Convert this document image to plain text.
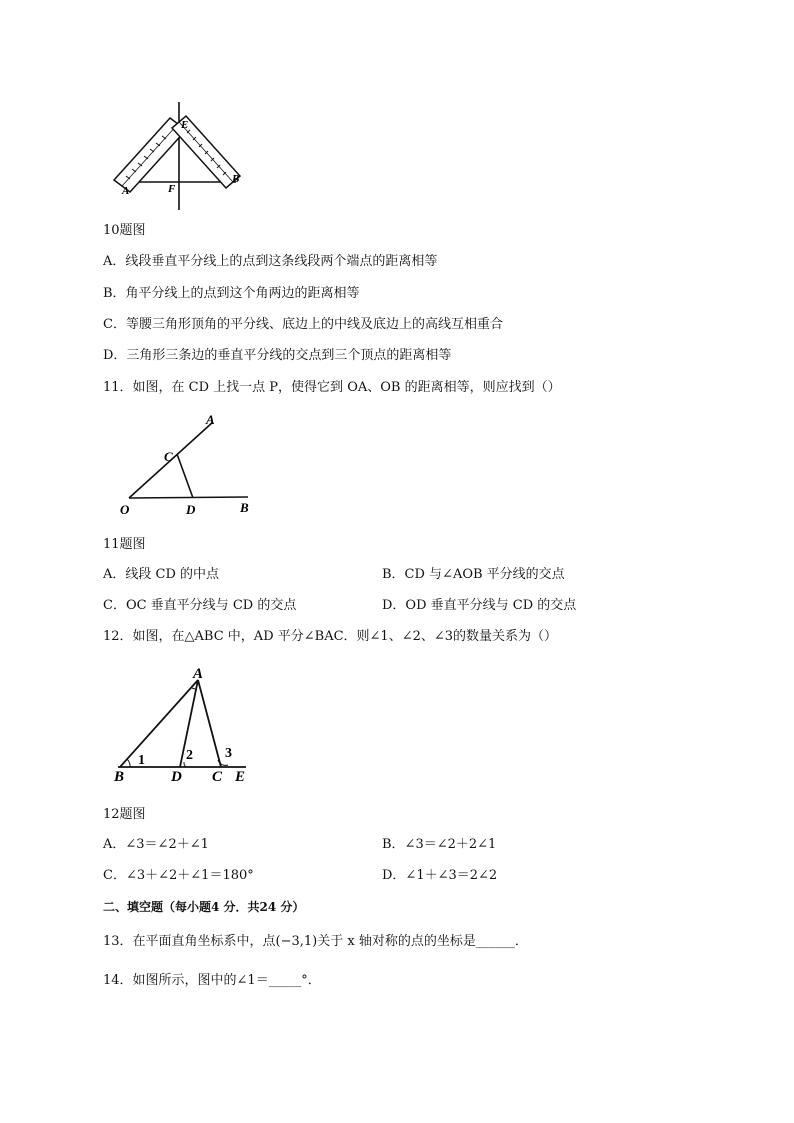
E
A	F
B
10题图
A．线段垂直平分线上的点到这条线段两个端点的距离相等
B．角平分线上的点到这个角两边的距离相等
C．等腰三角形顶角的平分线、底边上的中线及底边上的高线互相重合
D．三角形三条边的垂直平分线的交点到三个顶点的距离相等
11．如图，在 CD 上找一点 P，使得它到 OA、OB 的距离相等，则应找到（）
A
C
O	D	B
11题图
A．线段 CD 的中点	B．CD 与∠AOB 平分线的交点
C．OC 垂直平分线与 CD 的交点	D．OD 垂直平分线与 CD 的交点
12．如图，在△ABC 中，AD 平分∠BAC．则∠1、∠2、∠3的数量关系为（）
A
1	2 3
B	D C E
12题图
A．∠3＝∠2＋∠1	B．∠3＝∠2＋2∠1
C．∠3＋∠2＋∠1＝180°	D．∠1＋∠3＝2∠2
二、填空题（每小题4 分．共24 分）
13．在平面直角坐标系中，点(−3,1)关于 x 轴对称的点的坐标是______．
14．如图所示，图中的∠1＝_____°．
